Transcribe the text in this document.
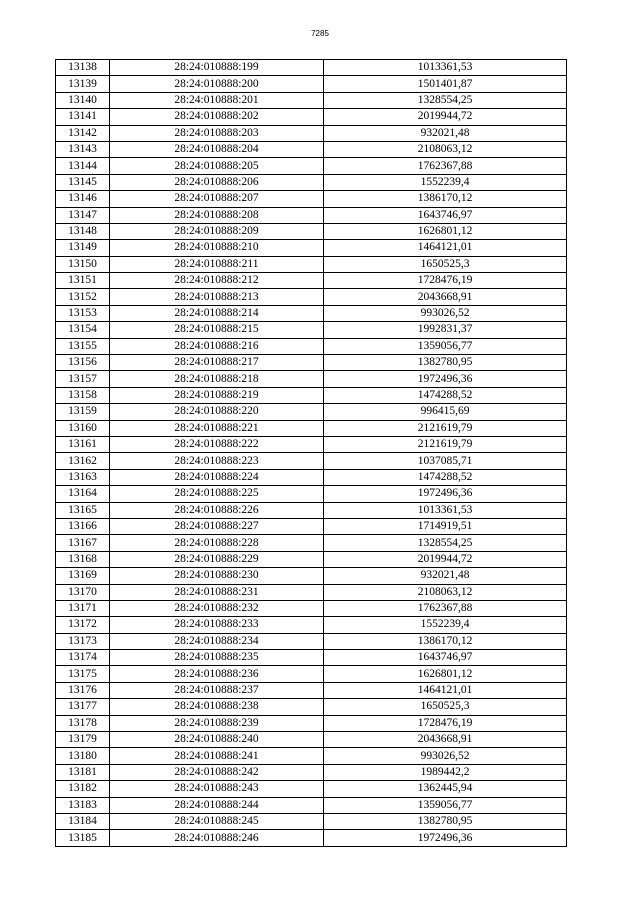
7285
13138	28:24:010888:199	1013361,53
13139	28:24:010888:200	1501401,87
13140	28:24:010888:201	1328554,25
13141	28:24:010888:202	2019944,72
13142	28:24:010888:203	932021,48
13143	28:24:010888:204	2108063,12
13144	28:24:010888:205	1762367,88
13145	28:24:010888:206	1552239,4
13146	28:24:010888:207	1386170,12
13147	28:24:010888:208	1643746,97
13148	28:24:010888:209	1626801,12
13149	28:24:010888:210	1464121,01
13150	28:24:010888:211	1650525,3
13151	28:24:010888:212	1728476,19
13152	28:24:010888:213	2043668,91
13153	28:24:010888:214	993026,52
13154	28:24:010888:215	1992831,37
13155	28:24:010888:216	1359056,77
13156	28:24:010888:217	1382780,95
13157	28:24:010888:218	1972496,36
13158	28:24:010888:219	1474288,52
13159	28:24:010888:220	996415,69
13160	28:24:010888:221	2121619,79
13161	28:24:010888:222	2121619,79
13162	28:24:010888:223	1037085,71
13163	28:24:010888:224	1474288,52
13164	28:24:010888:225	1972496,36
13165	28:24:010888:226	1013361,53
13166	28:24:010888:227	1714919,51
13167	28:24:010888:228	1328554,25
13168	28:24:010888:229	2019944,72
13169	28:24:010888:230	932021,48
13170	28:24:010888:231	2108063,12
13171	28:24:010888:232	1762367,88
13172	28:24:010888:233	1552239,4
13173	28:24:010888:234	1386170,12
13174	28:24:010888:235	1643746,97
13175	28:24:010888:236	1626801,12
13176	28:24:010888:237	1464121,01
13177	28:24:010888:238	1650525,3
13178	28:24:010888:239	1728476,19
13179	28:24:010888:240	2043668,91
13180	28:24:010888:241	993026,52
13181	28:24:010888:242	1989442,2
13182	28:24:010888:243	1362445,94
13183	28:24:010888:244	1359056,77
13184	28:24:010888:245	1382780,95
13185	28:24:010888:246	1972496,36
